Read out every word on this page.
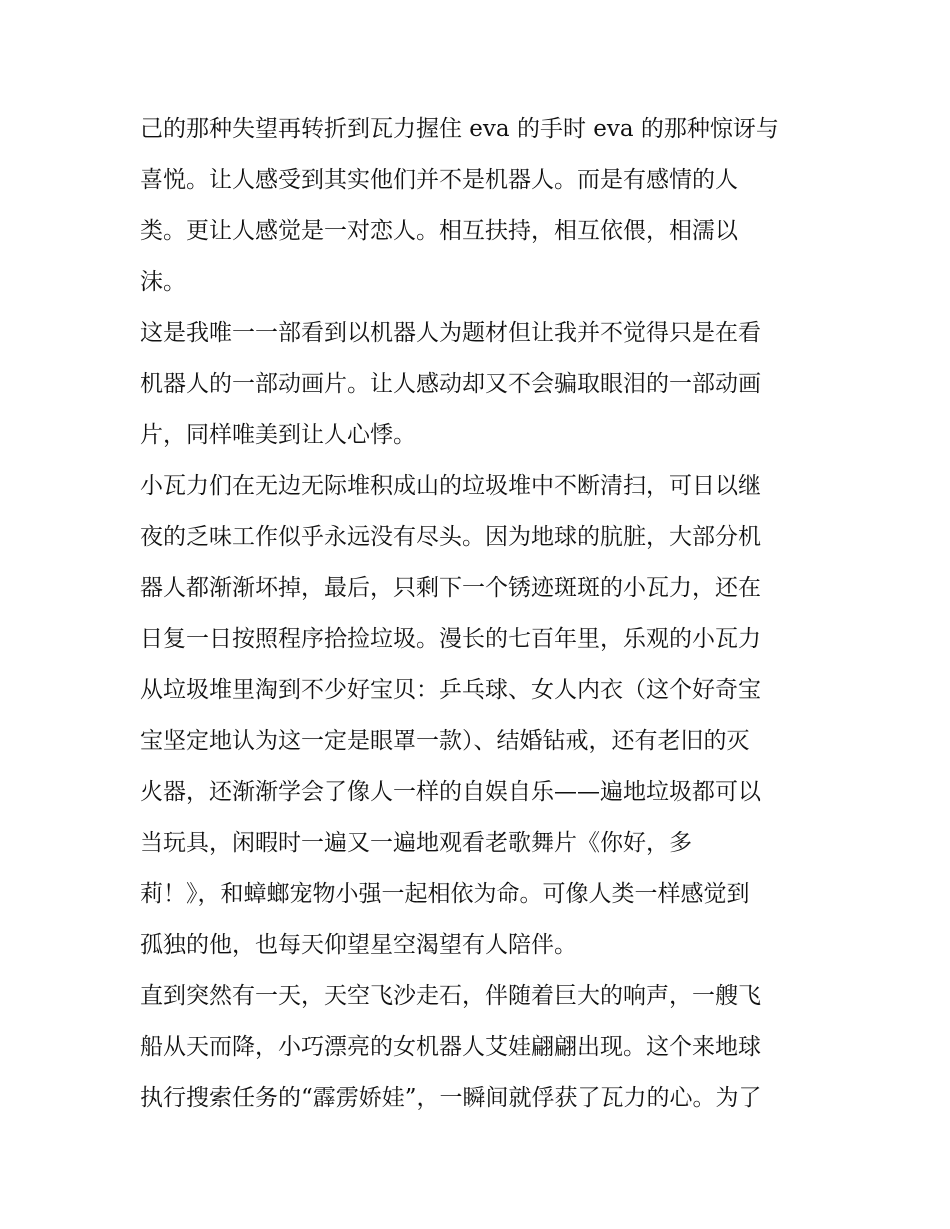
己的那种失望再转折到瓦力握住 eva 的手时 eva 的那种惊讶与
喜悦。让人感受到其实他们并不是机器人。而是有感情的人
类。更让人感觉是一对恋人。相互扶持，相互依偎，相濡以
沫。
这是我唯一一部看到以机器人为题材但让我并不觉得只是在看
机器人的一部动画片。让人感动却又不会骗取眼泪的一部动画
片，同样唯美到让人心悸。
小瓦力们在无边无际堆积成山的垃圾堆中不断清扫，可日以继
夜的乏味工作似乎永远没有尽头。因为地球的肮脏，大部分机
器人都渐渐坏掉，最后，只剩下一个锈迹斑斑的小瓦力，还在
日复一日按照程序拾捡垃圾。漫长的七百年里，乐观的小瓦力
从垃圾堆里淘到不少好宝贝：乒乓球、女人内衣（这个好奇宝
宝坚定地认为这一定是眼罩一款）、结婚钻戒，还有老旧的灭
火器，还渐渐学会了像人一样的自娱自乐——遍地垃圾都可以
当玩具，闲暇时一遍又一遍地观看老歌舞片《你好，多
莉！》，和蟑螂宠物小强一起相依为命。可像人类一样感觉到
孤独的他，也每天仰望星空渴望有人陪伴。
直到突然有一天，天空飞沙走石，伴随着巨大的响声，一艘飞
船从天而降，小巧漂亮的女机器人艾娃翩翩出现。这个来地球
执行搜索任务的“霹雳娇娃”，一瞬间就俘获了瓦力的心。为了
